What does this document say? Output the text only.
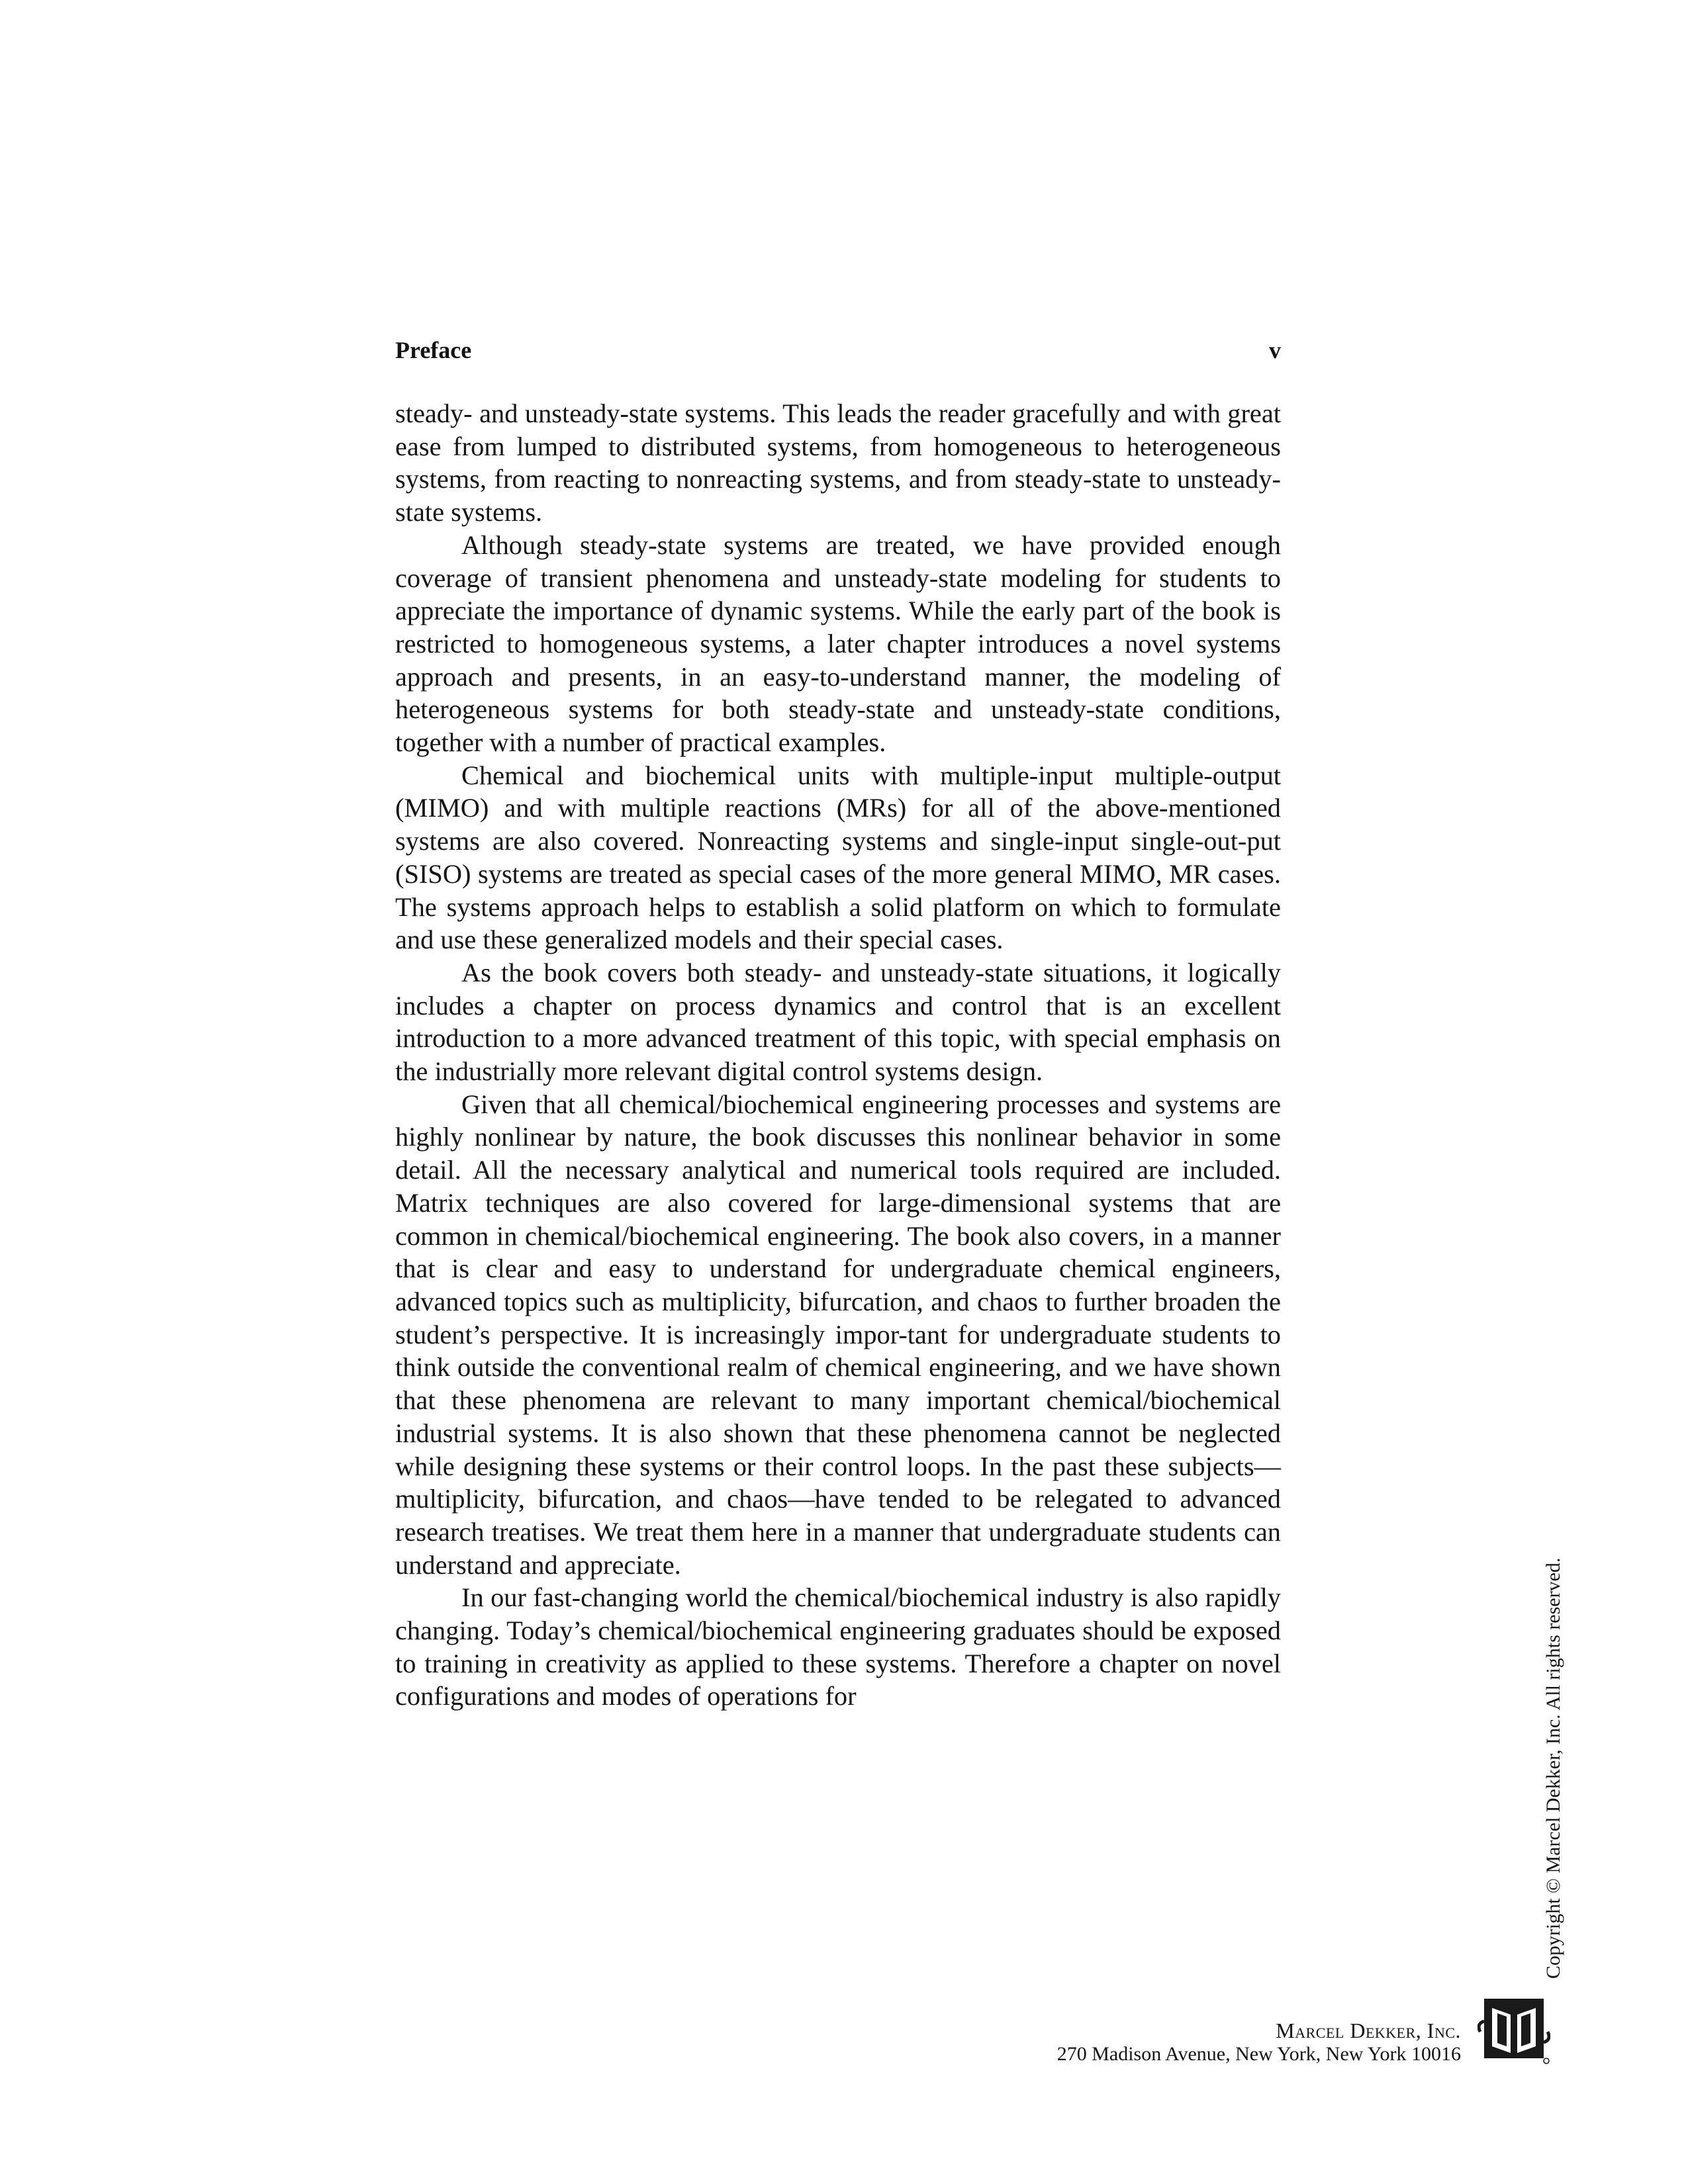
Preface	v

steady- and unsteady-state systems. This leads the reader gracefully and with great ease from lumped to distributed systems, from homogeneous to heterogeneous systems, from reacting to nonreacting systems, and from steady-state to unsteady-state systems.

Although steady-state systems are treated, we have provided enough coverage of transient phenomena and unsteady-state modeling for students to appreciate the importance of dynamic systems. While the early part of the book is restricted to homogeneous systems, a later chapter introduces a novel systems approach and presents, in an easy-to-understand manner, the modeling of heterogeneous systems for both steady-state and unsteady-state conditions, together with a number of practical examples.

Chemical and biochemical units with multiple-input multiple-output (MIMO) and with multiple reactions (MRs) for all of the above-mentioned systems are also covered. Nonreacting systems and single-input single-out-put (SISO) systems are treated as special cases of the more general MIMO, MR cases. The systems approach helps to establish a solid platform on which to formulate and use these generalized models and their special cases.

As the book covers both steady- and unsteady-state situations, it logically includes a chapter on process dynamics and control that is an excellent introduction to a more advanced treatment of this topic, with special emphasis on the industrially more relevant digital control systems design.

Given that all chemical/biochemical engineering processes and systems are highly nonlinear by nature, the book discusses this nonlinear behavior in some detail. All the necessary analytical and numerical tools required are included. Matrix techniques are also covered for large-dimensional systems that are common in chemical/biochemical engineering. The book also covers, in a manner that is clear and easy to understand for undergraduate chemical engineers, advanced topics such as multiplicity, bifurcation, and chaos to further broaden the student’s perspective. It is increasingly impor-tant for undergraduate students to think outside the conventional realm of chemical engineering, and we have shown that these phenomena are relevant to many important chemical/biochemical industrial systems. It is also shown that these phenomena cannot be neglected while designing these systems or their control loops. In the past these subjects—multiplicity, bifurcation, and chaos—have tended to be relegated to advanced research treatises. We treat them here in a manner that undergraduate students can understand and appreciate.

In our fast-changing world the chemical/biochemical industry is also rapidly changing. Today’s chemical/biochemical engineering graduates should be exposed to training in creativity as applied to these systems. Therefore a chapter on novel configurations and modes of operations for	Copyright © Marcel Dekker, Inc. All rights reserved.
Marcel Dekker, Inc.
270 Madison Avenue, New York, New York 10016
